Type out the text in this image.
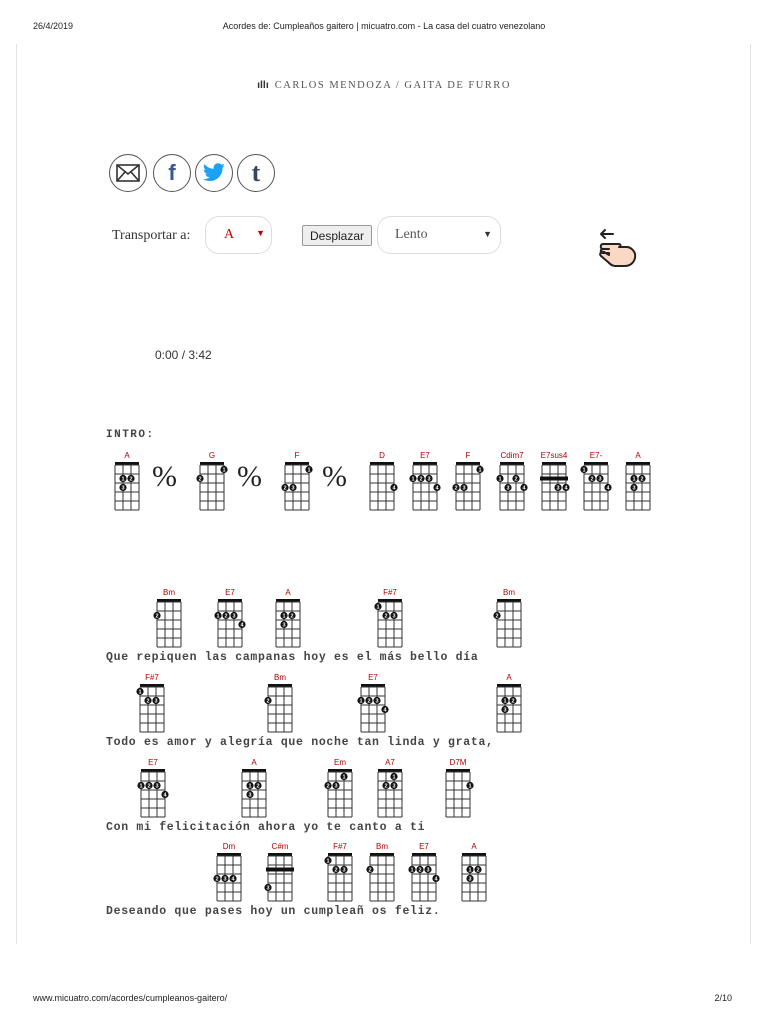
26/4/2019	Acordes de: Cumpleaños gaitero | micuatro.com - La casa del cuatro venezolano
www.micuatro.com/acordes/cumpleanos-gaitero/	2/10
ıllı CARLOS MENDOZA / GAITA DE FURRO
f	t
Transportar a: A ▼	Desplazar	Lento	▼
0:00 / 3:42
INTRO:
A
1 2
3 %
G
2
1 %
F
1
2 3 %
D
4
E7
1 2 3
4
F
1
2 3
Cdim7
1 2
3 4
E7sus4
3 4
E7-
1
2 3
4
A
1 2
3
Bm
2
E7
1 2 3
4
A
1 2
3
F#7
1
2 3
Bm
2
Que repiquen las campanas hoy es el más bello día
F#7
1
2 3
Bm
2
E7
1 2 3
4
A
1 2
3
Todo es amor y alegría que noche tan linda y grata,
E7
1 2 3
4
A
1 2
3
Em
2 3
1
A7
2
1
3
D7M
1
Con mi felicitación ahora yo te canto a ti
Dm
2 3 4
C#m
3
F#7
1
2 3
Bm
2
E7
1 2 3
4
A
1 2
3
Deseando que pases hoy un cumpleañ os feliz.
